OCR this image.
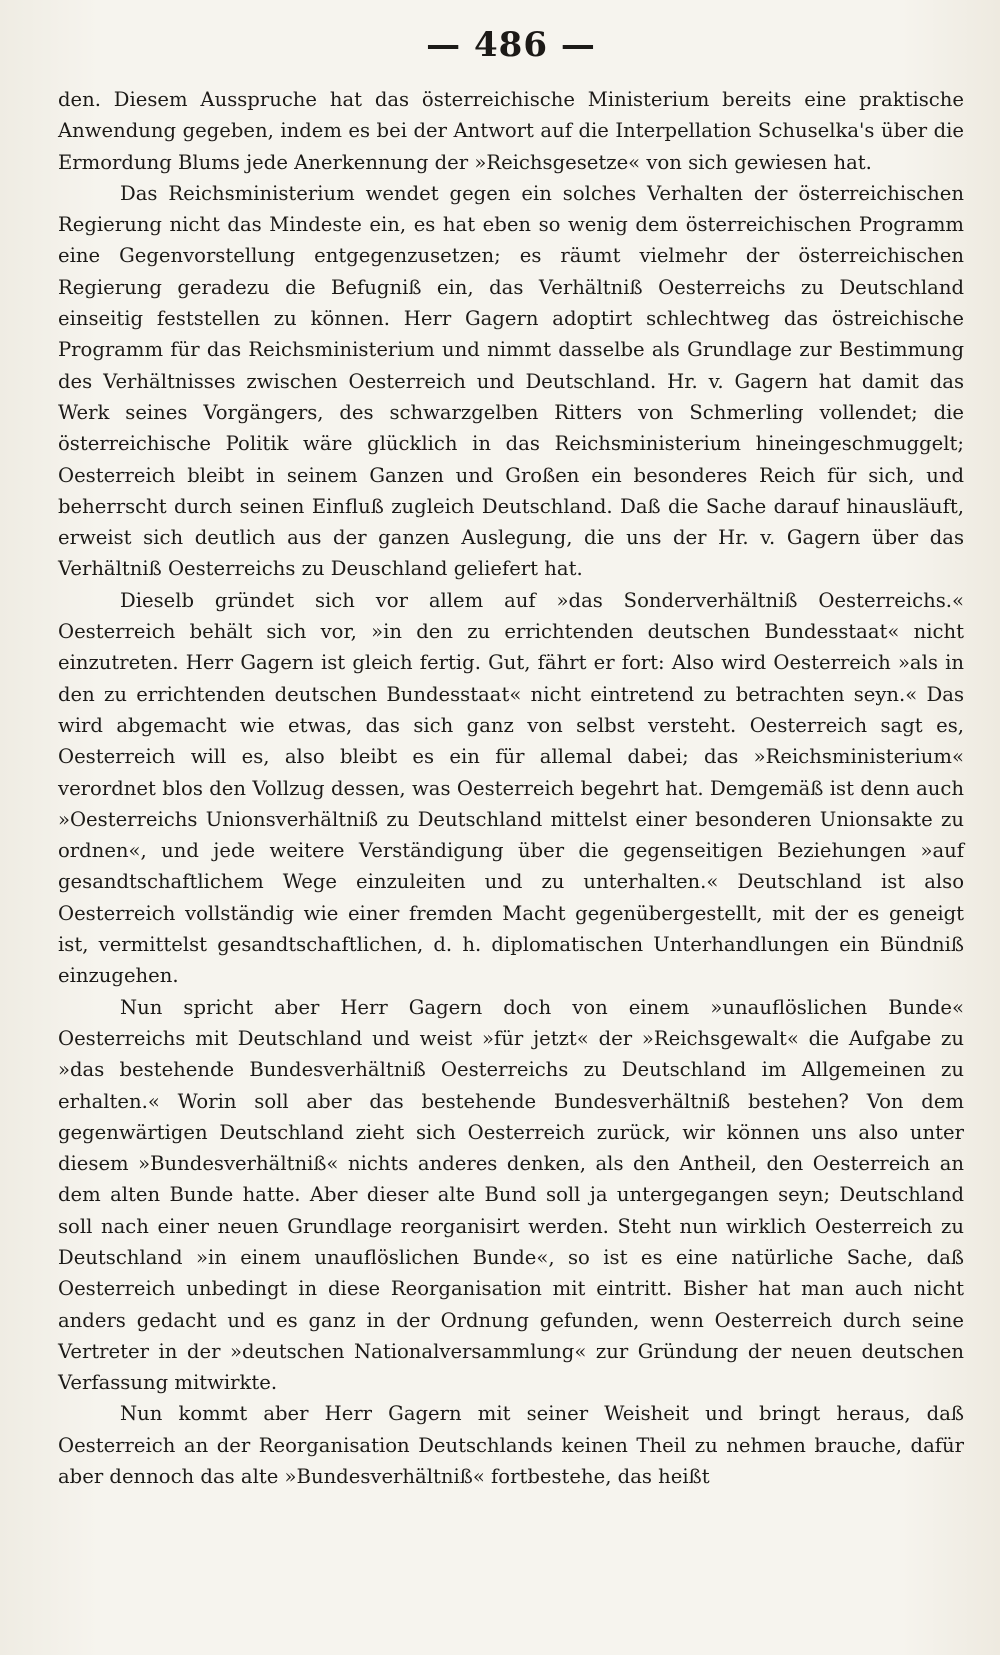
— 486 —

den. Diesem Ausspruche hat das österreichische Ministerium bereits eine praktische Anwendung gegeben, indem es bei der Antwort auf die Interpellation Schuselka's über die Ermordung Blums jede Anerkennung der »Reichsgesetze« von sich gewiesen hat.

Das Reichsministerium wendet gegen ein solches Verhalten der österreichischen Regierung nicht das Mindeste ein, es hat eben so wenig dem österreichischen Programm eine Gegenvorstellung entgegenzusetzen; es räumt vielmehr der österreichischen Regierung geradezu die Befugniß ein, das Verhältniß Oesterreichs zu Deutschland einseitig feststellen zu können. Herr Gagern adoptirt schlechtweg das östreichische Programm für das Reichsministerium und nimmt dasselbe als Grundlage zur Bestimmung des Verhältnisses zwischen Oesterreich und Deutschland. Hr. v. Gagern hat damit das Werk seines Vorgängers, des schwarzgelben Ritters von Schmerling vollendet; die österreichische Politik wäre glücklich in das Reichsministerium hineingeschmuggelt; Oesterreich bleibt in seinem Ganzen und Großen ein besonderes Reich für sich, und beherrscht durch seinen Einfluß zugleich Deutschland. Daß die Sache darauf hinausläuft, erweist sich deutlich aus der ganzen Auslegung, die uns der Hr. v. Gagern über das Verhältniß Oesterreichs zu Deuschland geliefert hat.

Dieselb gründet sich vor allem auf »das Sonderverhältniß Oesterreichs.« Oesterreich behält sich vor, »in den zu errichtenden deutschen Bundesstaat« nicht einzutreten. Herr Gagern ist gleich fertig. Gut, fährt er fort: Also wird Oesterreich »als in den zu errichtenden deutschen Bundesstaat« nicht eintretend zu betrachten seyn.« Das wird abgemacht wie etwas, das sich ganz von selbst versteht. Oesterreich sagt es, Oesterreich will es, also bleibt es ein für allemal dabei; das »Reichsministerium« verordnet blos den Vollzug dessen, was Oesterreich begehrt hat. Demgemäß ist denn auch »Oesterreichs Unionsverhältniß zu Deutschland mittelst einer besonderen Unionsakte zu ordnen«, und jede weitere Verständigung über die gegenseitigen Beziehungen »auf gesandtschaftlichem Wege einzuleiten und zu unterhalten.« Deutschland ist also Oesterreich vollständig wie einer fremden Macht gegenübergestellt, mit der es geneigt ist, vermittelst gesandtschaftlichen, d. h. diplomatischen Unterhandlungen ein Bündniß einzugehen.

Nun spricht aber Herr Gagern doch von einem »unauflöslichen Bunde« Oesterreichs mit Deutschland und weist »für jetzt« der »Reichsgewalt« die Aufgabe zu »das bestehende Bundesverhältniß Oesterreichs zu Deutschland im Allgemeinen zu erhalten.« Worin soll aber das bestehende Bundesverhältniß bestehen? Von dem gegenwärtigen Deutschland zieht sich Oesterreich zurück, wir können uns also unter diesem »Bundesverhältniß« nichts anderes denken, als den Antheil, den Oesterreich an dem alten Bunde hatte. Aber dieser alte Bund soll ja untergegangen seyn; Deutschland soll nach einer neuen Grundlage reorganisirt werden. Steht nun wirklich Oesterreich zu Deutschland »in einem unauflöslichen Bunde«, so ist es eine natürliche Sache, daß Oesterreich unbedingt in diese Reorganisation mit eintritt. Bisher hat man auch nicht anders gedacht und es ganz in der Ordnung gefunden, wenn Oesterreich durch seine Vertreter in der »deutschen Nationalversammlung« zur Gründung der neuen deutschen Verfassung mitwirkte.

Nun kommt aber Herr Gagern mit seiner Weisheit und bringt heraus, daß Oesterreich an der Reorganisation Deutschlands keinen Theil zu nehmen brauche, dafür aber dennoch das alte »Bundesverhältniß« fortbestehe, das heißt
